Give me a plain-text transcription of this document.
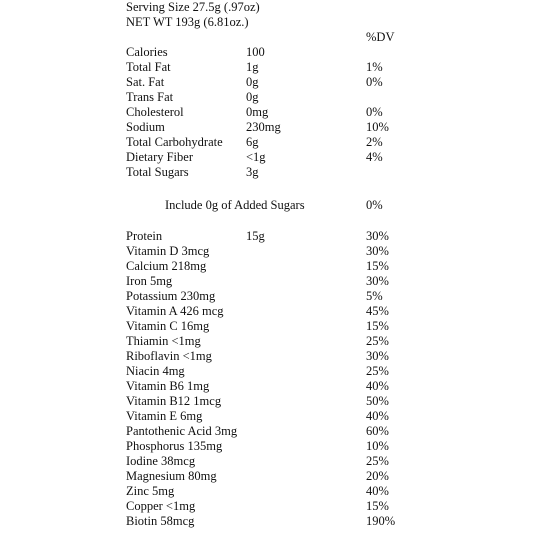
Serving Size 27.5g (.97oz)
NET WT 193g (6.81oz.)
%DV
Calories	100
Total Fat	1g	1%
Sat. Fat	0g	0%
Trans Fat	0g
Cholesterol	0mg	0%
Sodium	230mg	10%
Total Carbohydrate 6g	2%
Dietary Fiber	<1g	4%
Total Sugars	3g
Include 0g of Added Sugars	0%
Protein	15g	30%
Vitamin D 3mcg	30%
Calcium 218mg	15%
Iron 5mg	30%
Potassium 230mg	5%
Vitamin A 426 mcg	45%
Vitamin C 16mg	15%
Thiamin <1mg	25%
Riboflavin <1mg	30%
Niacin 4mg	25%
Vitamin B6 1mg	40%
Vitamin B12 1mcg	50%
Vitamin E 6mg	40%
Pantothenic Acid 3mg	60%
Phosphorus 135mg	10%
Iodine 38mcg	25%
Magnesium 80mg	20%
Zinc 5mg	40%
Copper <1mg	15%
Biotin 58mcg	190%
